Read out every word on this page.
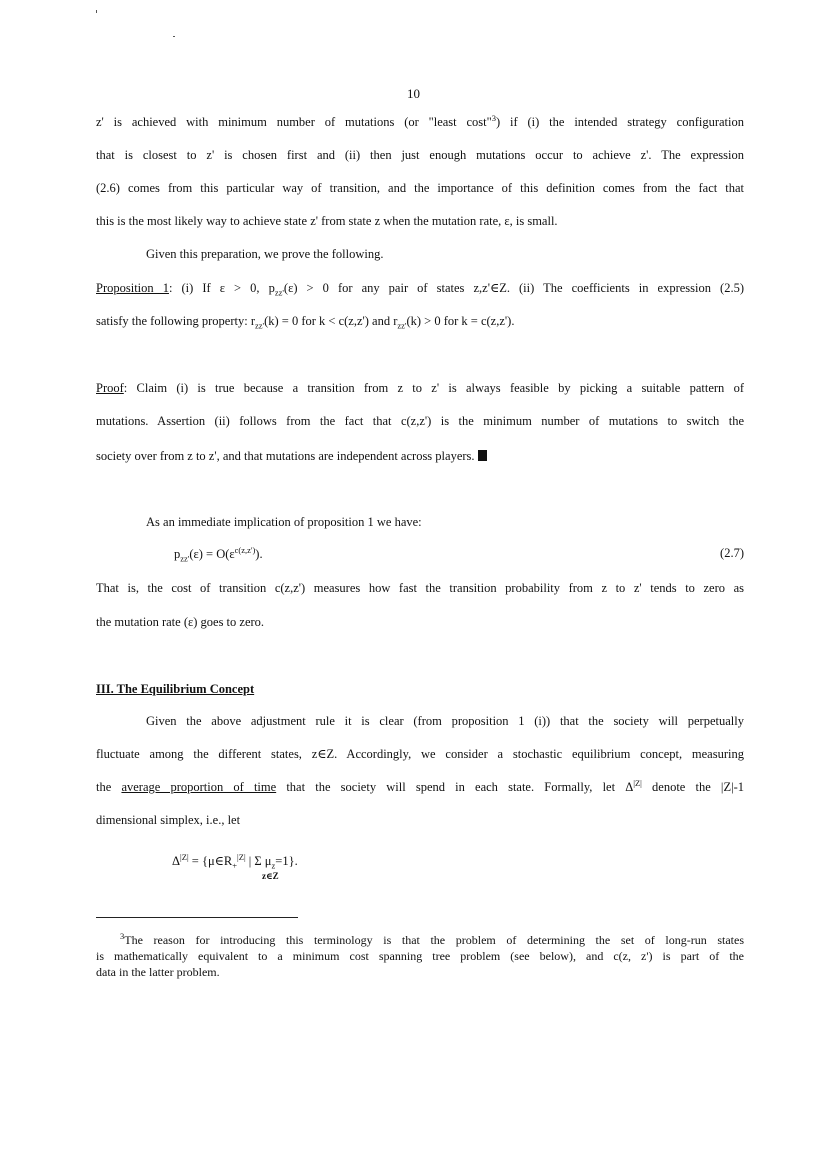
10
z' is achieved with minimum number of mutations (or "least cost"$^3$) if (i) the intended strategy configuration
that is closest to z' is chosen first and (ii) then just enough mutations occur to achieve z'. The expression
(2.6) comes from this particular way of transition, and the importance of this definition comes from the fact that
this is the most likely way to achieve state z' from state z when the mutation rate, ε, is small.
Given this preparation, we prove the following.
Proposition 1: (i) If ε > 0, $p_{zz'}(\varepsilon) > 0$ for any pair of states z,z'∈Z. (ii) The coefficients in expression (2.5)
satisfy the following property: $r_{zz'}(k) = 0$ for k < c(z,z') and $r_{zz'}(k) > 0$ for k = c(z,z').
Proof: Claim (i) is true because a transition from z to z' is always feasible by picking a suitable pattern of
mutations. Assertion (ii) follows from the fact that c(z,z') is the minimum number of mutations to switch the
society over from z to z', and that mutations are independent across players.
As an immediate implication of proposition 1 we have:
$p_{zz'}(\varepsilon) = O(\varepsilon^{c(z,z')})$.	(2.7)
That is, the cost of transition c(z,z') measures how fast the transition probability from z to z' tends to zero as
the mutation rate (ε) goes to zero.
III. The Equilibrium Concept
Given the above adjustment rule it is clear (from proposition 1 (i)) that the society will perpetually
fluctuate among the different states, z∈Z. Accordingly, we consider a stochastic equilibrium concept, measuring
the average proportion of time that the society will spend in each state. Formally, let $\Delta^{|Z|}$ denote the |Z|-1
dimensional simplex, i.e., let
$\Delta^{|Z|}$ = {$\mu\in R_+^{|Z|}$ | Σ $\mu_z=1$}.
z∈Z
$^3$The reason for introducing this terminology is that the problem of determining the set of long-run states
is mathematically equivalent to a minimum cost spanning tree problem (see below), and c(z, z') is part of the
data in the latter problem.
